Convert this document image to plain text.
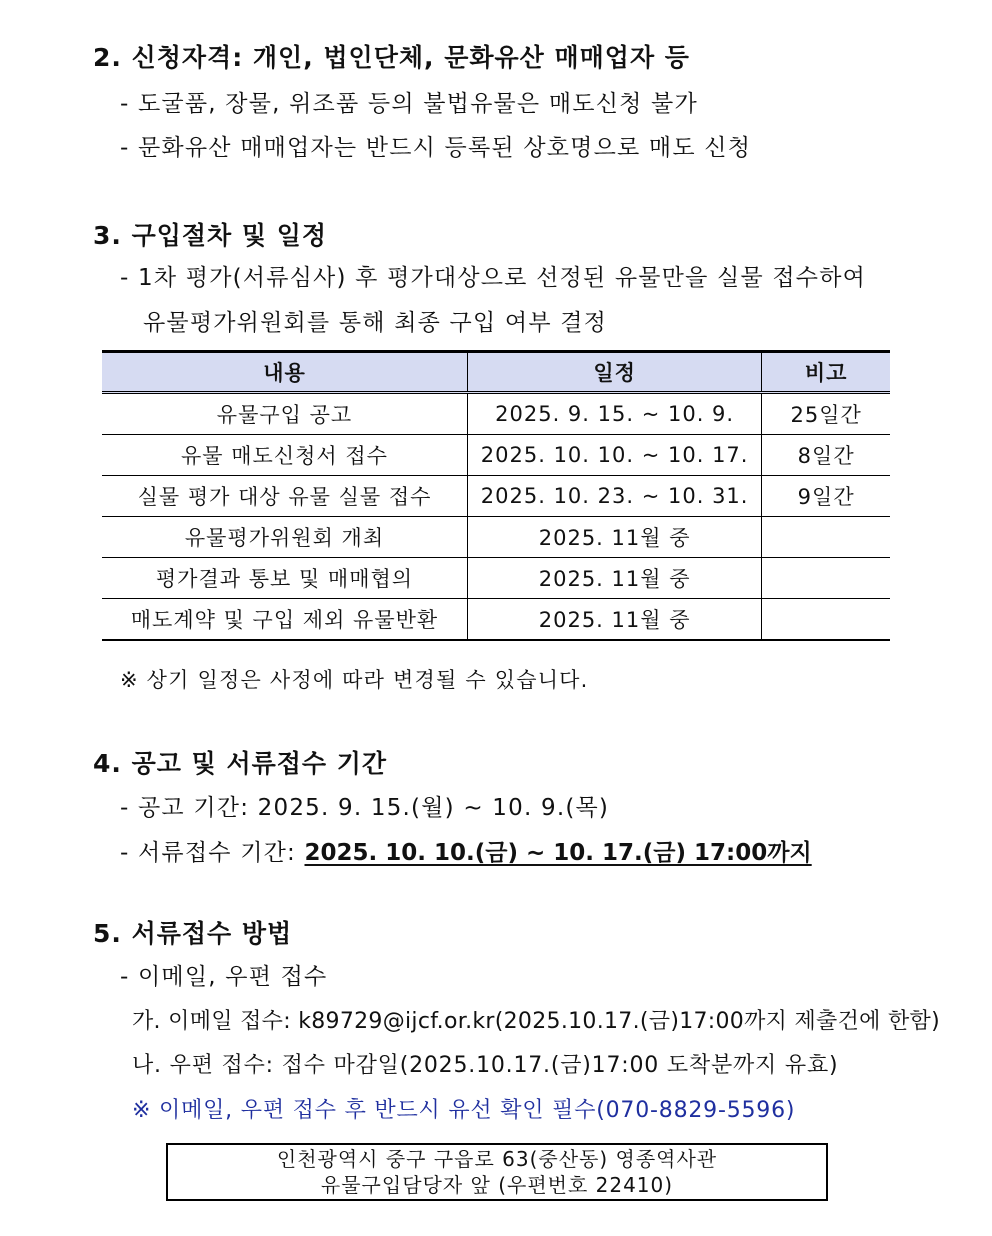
2. 신청자격: 개인, 법인단체, 문화유산 매매업자 등
- 도굴품, 장물, 위조품 등의 불법유물은 매도신청 불가
- 문화유산 매매업자는 반드시 등록된 상호명으로 매도 신청
3. 구입절차 및 일정
- 1차 평가(서류심사) 후 평가대상으로 선정된 유물만을 실물 접수하여
유물평가위원회를 통해 최종 구입 여부 결정
내용	일정	비고
유물구입 공고	2025. 9. 15. ~ 10. 9.	25일간
유물 매도신청서 접수	2025. 10. 10. ~ 10. 17.	8일간
실물 평가 대상 유물 실물 접수	2025. 10. 23. ~ 10. 31.	9일간
유물평가위원회 개최	2025. 11월 중	
평가결과 통보 및 매매협의	2025. 11월 중	
매도계약 및 구입 제외 유물반환	2025. 11월 중	
※ 상기 일정은 사정에 따라 변경될 수 있습니다.
4. 공고 및 서류접수 기간
- 공고 기간: 2025. 9. 15.(월) ~ 10. 9.(목)
- 서류접수 기간: 2025. 10. 10.(금) ~ 10. 17.(금) 17:00까지
5. 서류접수 방법
- 이메일, 우편 접수
가. 이메일 접수: k89729@ijcf.or.kr(2025.10.17.(금)17:00까지 제출건에 한함)
나. 우편 접수: 접수 마감일(2025.10.17.(금)17:00 도착분까지 유효)
※ 이메일, 우편 접수 후 반드시 유선 확인 필수(070-8829-5596)
인천광역시 중구 구읍로 63(중산동) 영종역사관
유물구입담당자 앞 (우편번호 22410)
